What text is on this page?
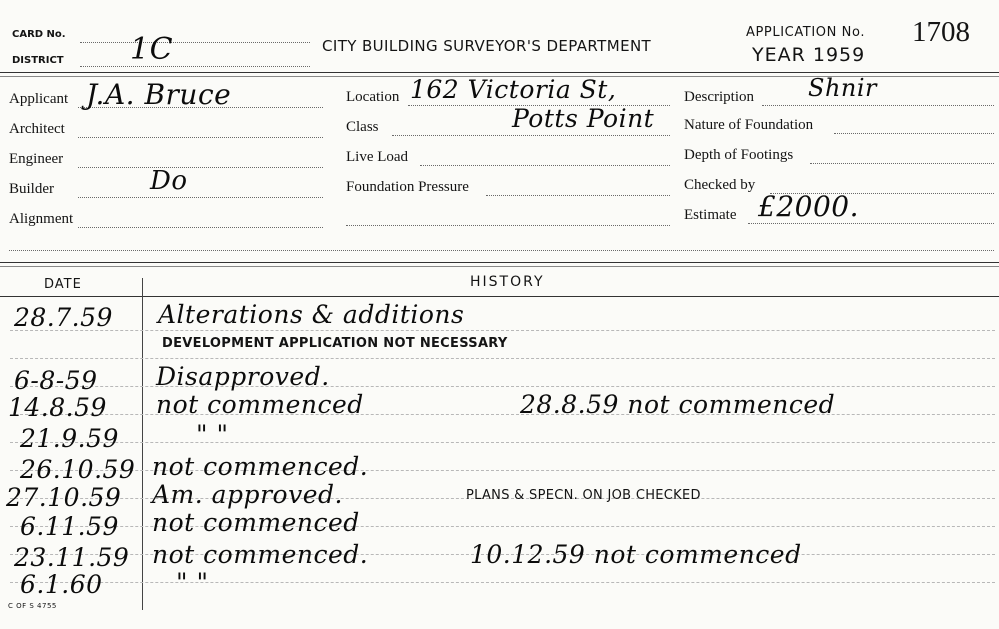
CARD No.
DISTRICT 1C	CITY BUILDING SURVEYOR'S DEPARTMENT
APPLICATION No. 1708
YEAR 1959
Applicant J.A. Bruce
Architect
Engineer
Builder	Do
Alignment
Location 162 Victoria St,
Class	Potts Point
Live Load
Foundation Pressure
Description Shnir
Nature of Foundation
Depth of Footings
Checked by
Estimate £2000.
DATE	HISTORY
28.7.59 Alterations & additions
DEVELOPMENT APPLICATION NOT NECESSARY
6-8-59 Disapproved.
14.8.59 not commenced	28.8.59 not commenced
21.9.59	" "
26.10.59 not commenced.
27.10.59 Am. approved.	PLANS & SPECN. ON JOB CHECKED
6.11.59 not commenced
23.11.59 not commenced.	10.12.59 not commenced
6.1.60	" "
C OF S 4755
